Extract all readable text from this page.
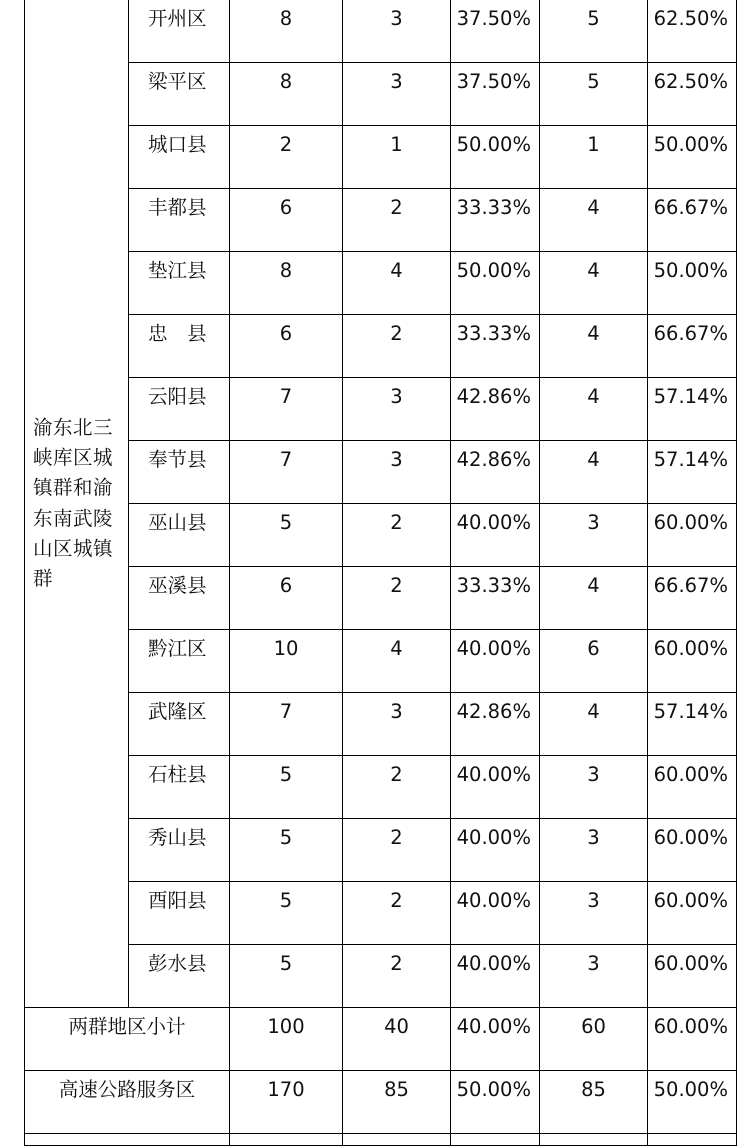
渝东北三峡库区城镇群和渝东南武陵山区城镇群	开州区	8	3	37.50%	5	62.50%
	梁平区	8	3	37.50%	5	62.50%
	城口县	2	1	50.00%	1	50.00%
	丰都县	6	2	33.33%	4	66.67%
	垫江县	8	4	50.00%	4	50.00%
	忠　县	6	2	33.33%	4	66.67%
	云阳县	7	3	42.86%	4	57.14%
	奉节县	7	3	42.86%	4	57.14%
	巫山县	5	2	40.00%	3	60.00%
	巫溪县	6	2	33.33%	4	66.67%
	黔江区	10	4	40.00%	6	60.00%
	武隆区	7	3	42.86%	4	57.14%
	石柱县	5	2	40.00%	3	60.00%
	秀山县	5	2	40.00%	3	60.00%
	酉阳县	5	2	40.00%	3	60.00%
	彭水县	5	2	40.00%	3	60.00%
两群地区小计		100	40	40.00%	60	60.00%
高速公路服务区		170	85	50.00%	85	50.00%
